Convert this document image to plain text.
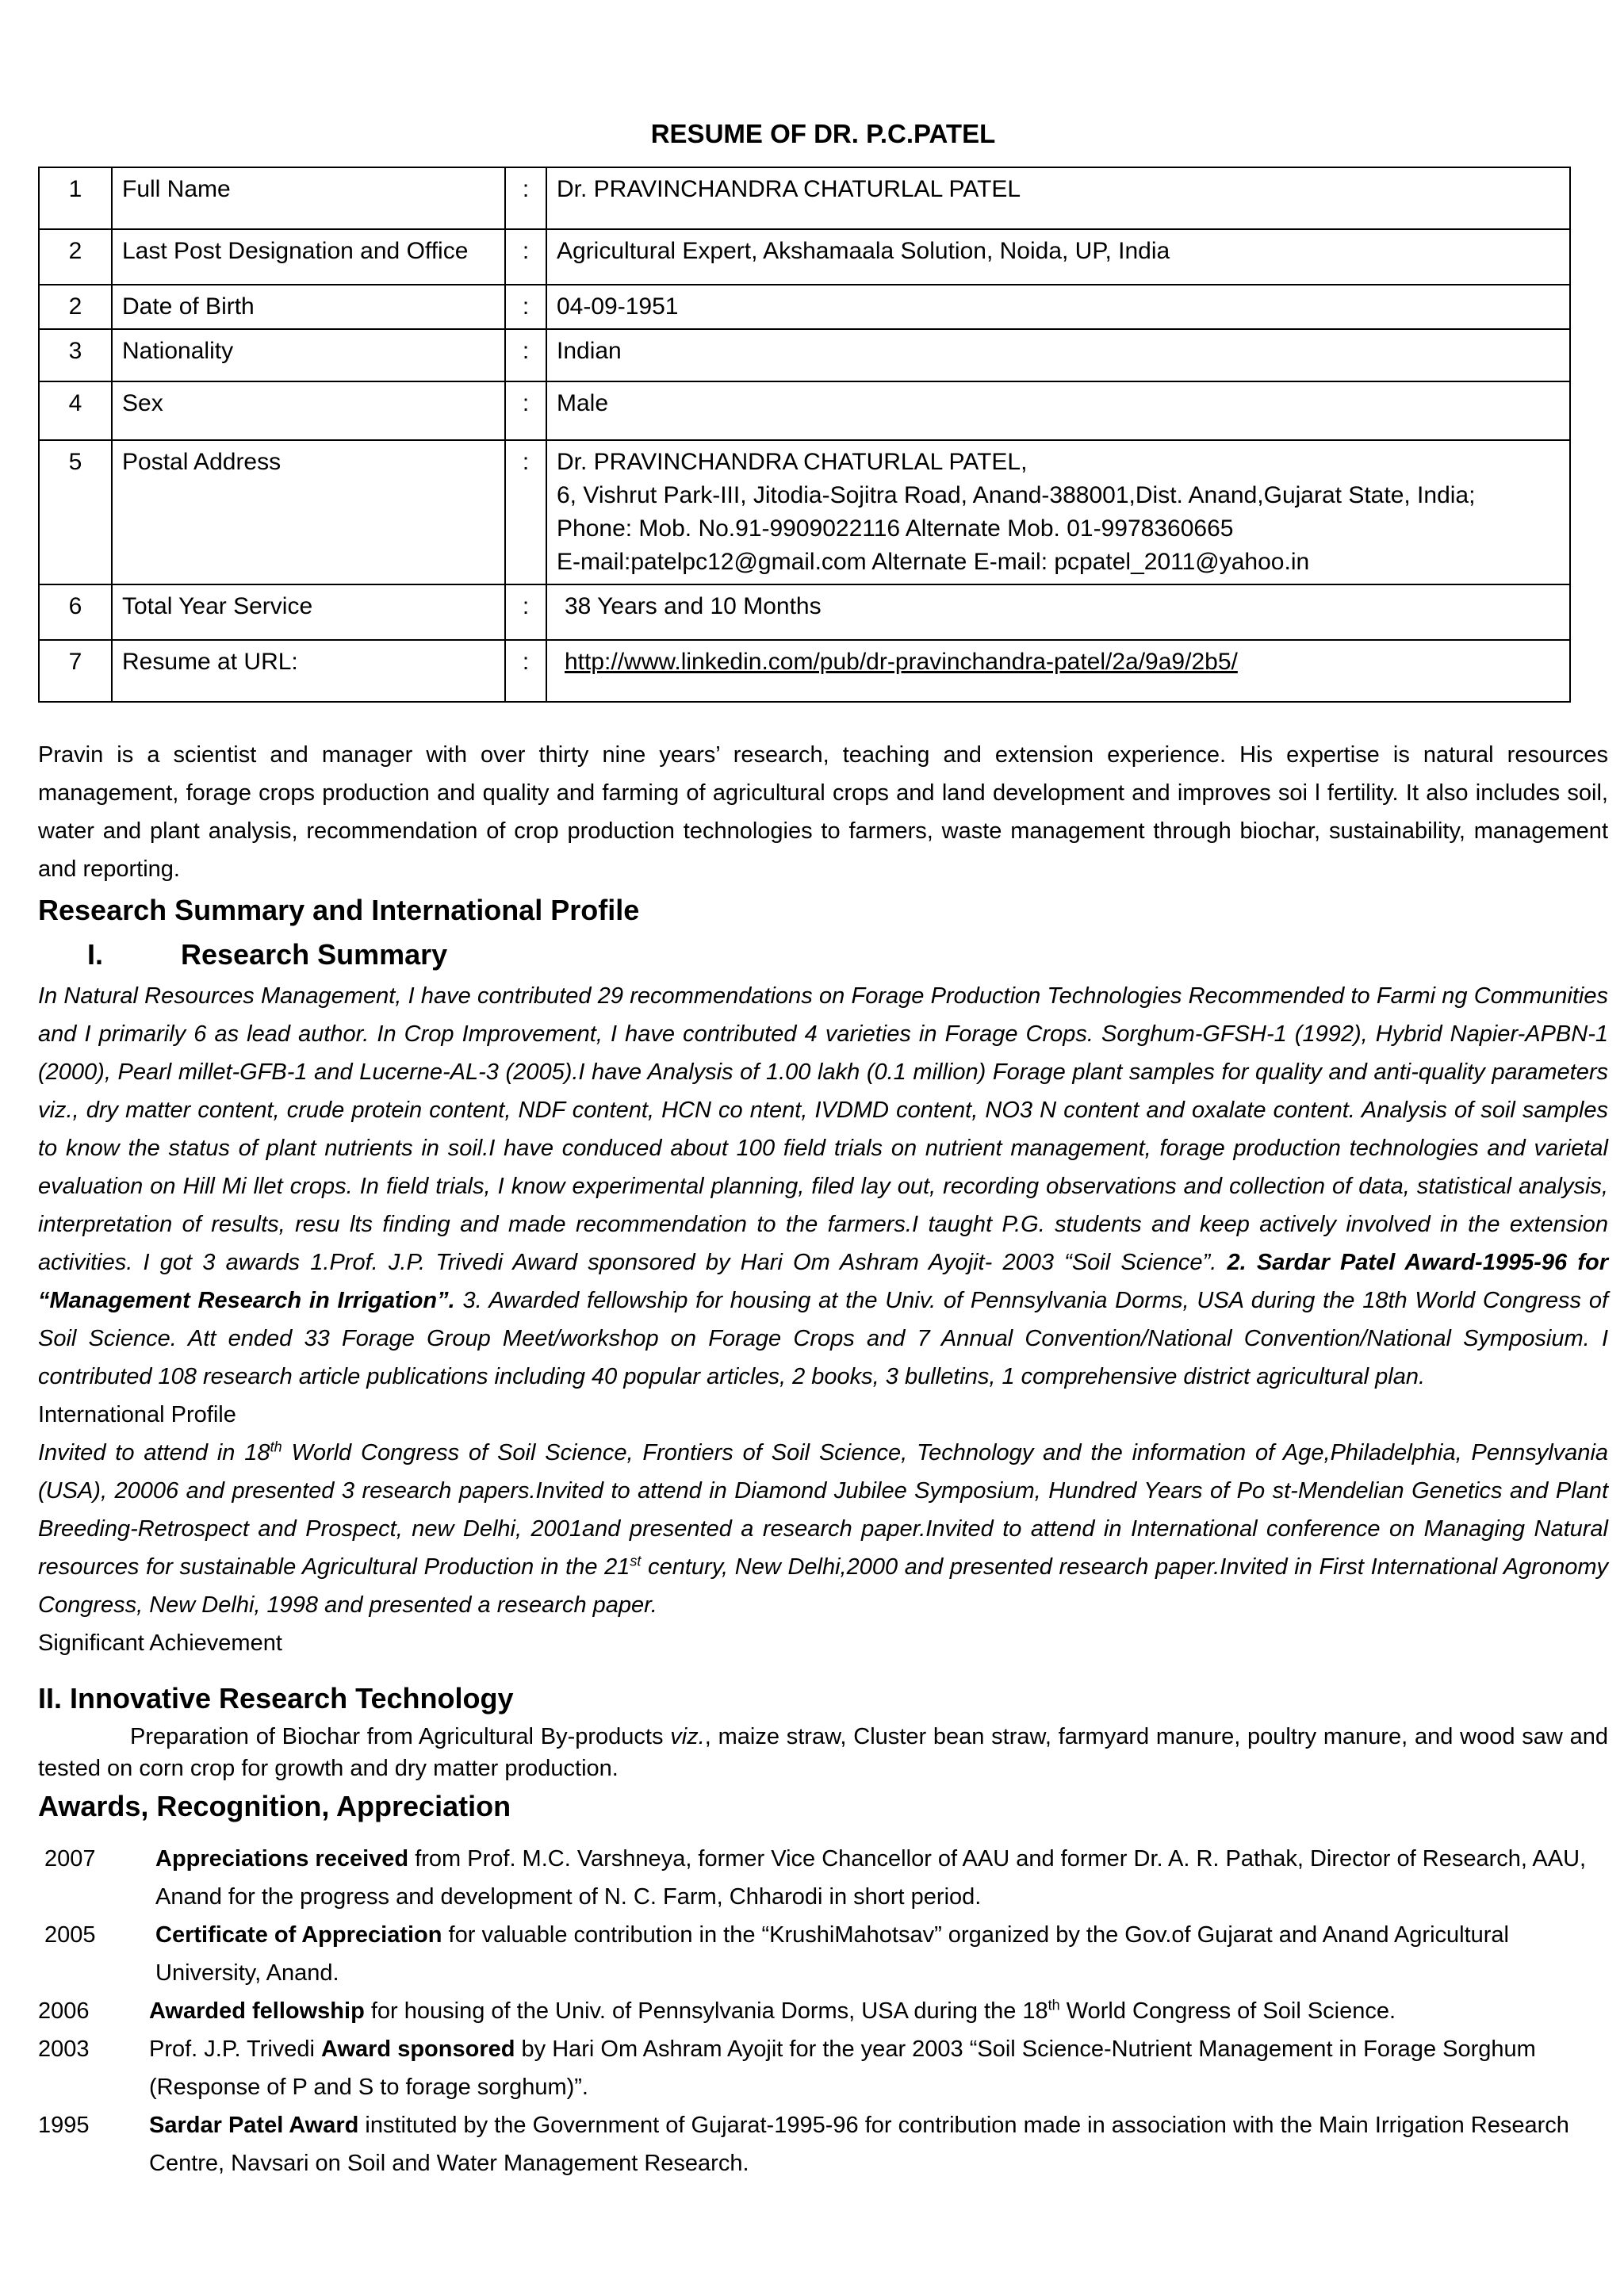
RESUME OF DR. P.C.PATEL
1	Full Name	:	Dr. PRAVINCHANDRA CHATURLAL PATEL
2	Last Post Designation and Office	:	Agricultural Expert, Akshamaala Solution, Noida, UP, India
2	Date of Birth	:	04-09-1951
3	Nationality	:	Indian
4	Sex	:	Male
5	Postal Address	:	Dr. PRAVINCHANDRA CHATURLAL PATEL,
6, Vishrut Park-III, Jitodia-Sojitra Road, Anand-388001,Dist. Anand,Gujarat State, India;
Phone: Mob. No.91-9909022116 Alternate Mob. 01-9978360665
E-mail:patelpc12@gmail.com Alternate E-mail: pcpatel_2011@yahoo.in

6	Total Year Service	:	38 Years and 10 Months
7	Resume at URL:	:	http://www.linkedin.com/pub/dr-pravinchandra-patel/2a/9a9/2b5/

Pravin is a scientist and manager with over thirty nine years’ research, teaching and extension experience. His expertise is natural resources management, forage crops production and quality and farming of agricultural crops and land development and improves soi l fertility. It also includes soil, water and plant analysis, recommendation of crop production technologies to farmers, waste management through biochar, sustainability, management and reporting.

Research Summary and International Profile
I.	Research Summary

In Natural Resources Management, I have contributed 29 recommendations on Forage Production Technologies Recommended to Farmi ng Communities and I primarily 6 as lead author. In Crop Improvement, I have contributed 4 varieties in Forage Crops. Sorghum-GFSH-1 (1992), Hybrid Napier-APBN-1 (2000), Pearl millet-GFB-1 and Lucerne-AL-3 (2005).I have Analysis of 1.00 lakh (0.1 million) Forage plant samples for quality and anti-quality parameters viz., dry matter content, crude protein content, NDF content, HCN co ntent, IVDMD content, NO3 N content and oxalate content. Analysis of soil samples to know the status of plant nutrients in soil.I have conduced about 100 field trials on nutrient management, forage production technologies and varietal evaluation on Hill Mi llet crops. In field trials, I know experimental planning, filed lay out, recording observations and collection of data, statistical analysis, interpretation of results, resu lts finding and made recommendation to the farmers.I taught P.G. students and keep actively involved in the extension activities. I got 3 awards 1.Prof. J.P. Trivedi Award sponsored by Hari Om Ashram Ayojit- 2003 “Soil Science”. 2. Sardar Patel Award-1995-96 for “Management Research in Irrigation”. 3. Awarded fellowship for housing at the Univ. of Pennsylvania Dorms, USA during the 18th World Congress of Soil Science. Att ended 33 Forage Group Meet/workshop on Forage Crops and 7 Annual Convention/National Convention/National Symposium. I contributed 108 research article publications including 40 popular articles, 2 books, 3 bulletins, 1 comprehensive district agricultural plan.

International Profile

Invited to attend in 18th World Congress of Soil Science, Frontiers of Soil Science, Technology and the information of Age,Philadelphia, Pennsylvania (USA), 20006 and presented 3 research papers.Invited to attend in Diamond Jubilee Symposium, Hundred Years of Po st-Mendelian Genetics and Plant Breeding-Retrospect and Prospect, new Delhi, 2001and presented a research paper.Invited to attend in International conference on Managing Natural resources for sustainable Agricultural Production in the 21st century, New Delhi,2000 and presented research paper.Invited in First International Agronomy Congress, New Delhi, 1998 and presented a research paper.

Significant Achievement
II. Innovative Research Technology

Preparation of Biochar from Agricultural By-products viz., maize straw, Cluster bean straw, farmyard manure, poultry manure, and wood saw and tested on corn crop for growth and dry matter production.

Awards, Recognition, Appreciation
2007	Appreciations received from Prof. M.C. Varshneya, former Vice Chancellor of AAU and former Dr. A. R. Pathak, Director of Research, AAU, Anand for the progress and development of N. C. Farm, Chharodi in short period.
2005	Certificate of Appreciation for valuable contribution in the “KrushiMahotsav” organized by the Gov.of Gujarat and Anand Agricultural University, Anand.
2006	Awarded fellowship for housing of the Univ. of Pennsylvania Dorms, USA during the 18th World Congress of Soil Science.
2003	Prof. J.P. Trivedi Award sponsored by Hari Om Ashram Ayojit for the year 2003 “Soil Science-Nutrient Management in Forage Sorghum (Response of P and S to forage sorghum)”.
1995	Sardar Patel Award instituted by the Government of Gujarat-1995-96 for contribution made in association with the Main Irrigation Research Centre, Navsari on Soil and Water Management Research.
